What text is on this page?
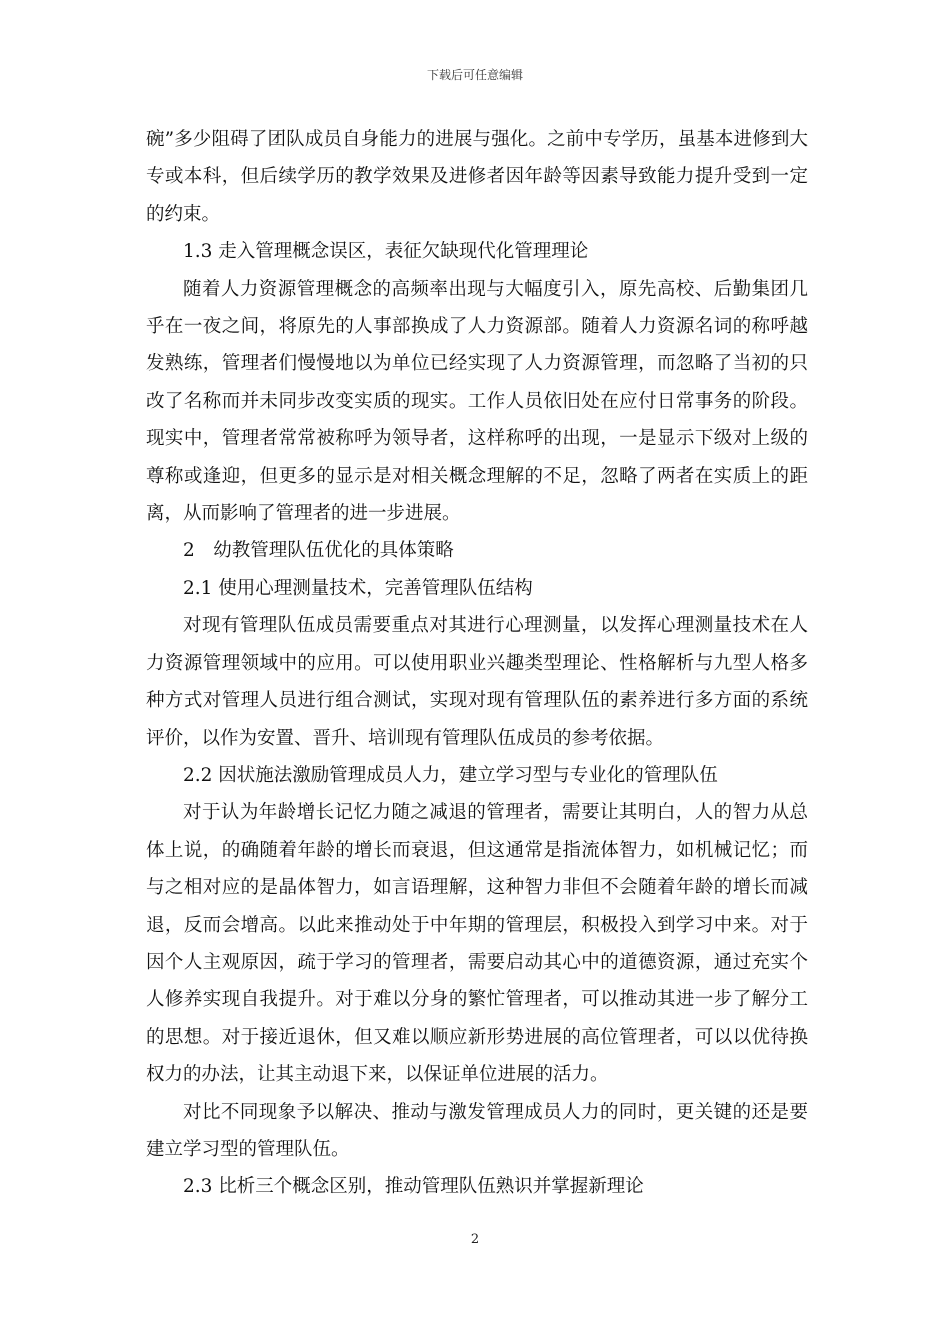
下载后可任意编辑

碗”多少阻碍了团队成员自身能力的进展与强化。之前中专学历，虽基本进修到大专或本科，但后续学历的教学效果及进修者因年龄等因素导致能力提升受到一定的约束。

1.3 走入管理概念误区，表征欠缺现代化管理理论

随着人力资源管理概念的高频率出现与大幅度引入，原先高校、后勤集团几乎在一夜之间，将原先的人事部换成了人力资源部。随着人力资源名词的称呼越发熟练，管理者们慢慢地以为单位已经实现了人力资源管理，而忽略了当初的只改了名称而并未同步改变实质的现实。工作人员依旧处在应付日常事务的阶段。现实中，管理者常常被称呼为领导者，这样称呼的出现，一是显示下级对上级的尊称或逢迎，但更多的显示是对相关概念理解的不足，忽略了两者在实质上的距离，从而影响了管理者的进一步进展。

2　幼教管理队伍优化的具体策略

2.1 使用心理测量技术，完善管理队伍结构

对现有管理队伍成员需要重点对其进行心理测量，以发挥心理测量技术在人力资源管理领域中的应用。可以使用职业兴趣类型理论、性格解析与九型人格多种方式对管理人员进行组合测试，实现对现有管理队伍的素养进行多方面的系统评价，以作为安置、晋升、培训现有管理队伍成员的参考依据。

2.2 因状施法激励管理成员人力，建立学习型与专业化的管理队伍

对于认为年龄增长记忆力随之减退的管理者，需要让其明白，人的智力从总体上说，的确随着年龄的增长而衰退，但这通常是指流体智力，如机械记忆；而与之相对应的是晶体智力，如言语理解，这种智力非但不会随着年龄的增长而减退，反而会增高。以此来推动处于中年期的管理层，积极投入到学习中来。对于因个人主观原因，疏于学习的管理者，需要启动其心中的道德资源，通过充实个人修养实现自我提升。对于难以分身的繁忙管理者，可以推动其进一步了解分工的思想。对于接近退休，但又难以顺应新形势进展的高位管理者，可以以优待换权力的办法，让其主动退下来，以保证单位进展的活力。

对比不同现象予以解决、推动与激发管理成员人力的同时，更关键的还是要建立学习型的管理队伍。

2.3 比析三个概念区别，推动管理队伍熟识并掌握新理论

2
